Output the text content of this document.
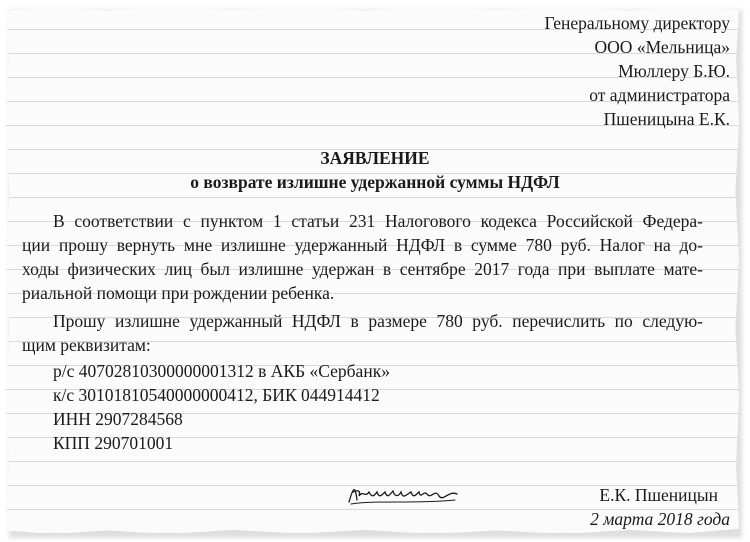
Генеральному директору
ООО «Мельница»
Мюллеру Б.Ю.
от администратора
Пшеницына Е.К.
ЗАЯВЛЕНИЕ
о возврате излишне удержанной суммы НДФЛ
В соответствии с пунктом 1 статьи 231 Налогового кодекса Российской Федера-
ции прошу вернуть мне излишне удержанный НДФЛ в сумме 780 руб. Налог на до-
ходы физических лиц был излишне удержан в сентябре 2017 года при выплате мате-
риальной помощи при рождении ребенка.
Прошу излишне удержанный НДФЛ в размере 780 руб. перечислить по следую-
щим реквизитам:
р/с 40702810300000001312 в АКБ «Сербанк»
к/с 30101810540000000412, БИК 044914412
ИНН 2907284568
КПП 290701001
Е.К. Пшеницын
2 марта 2018 года
